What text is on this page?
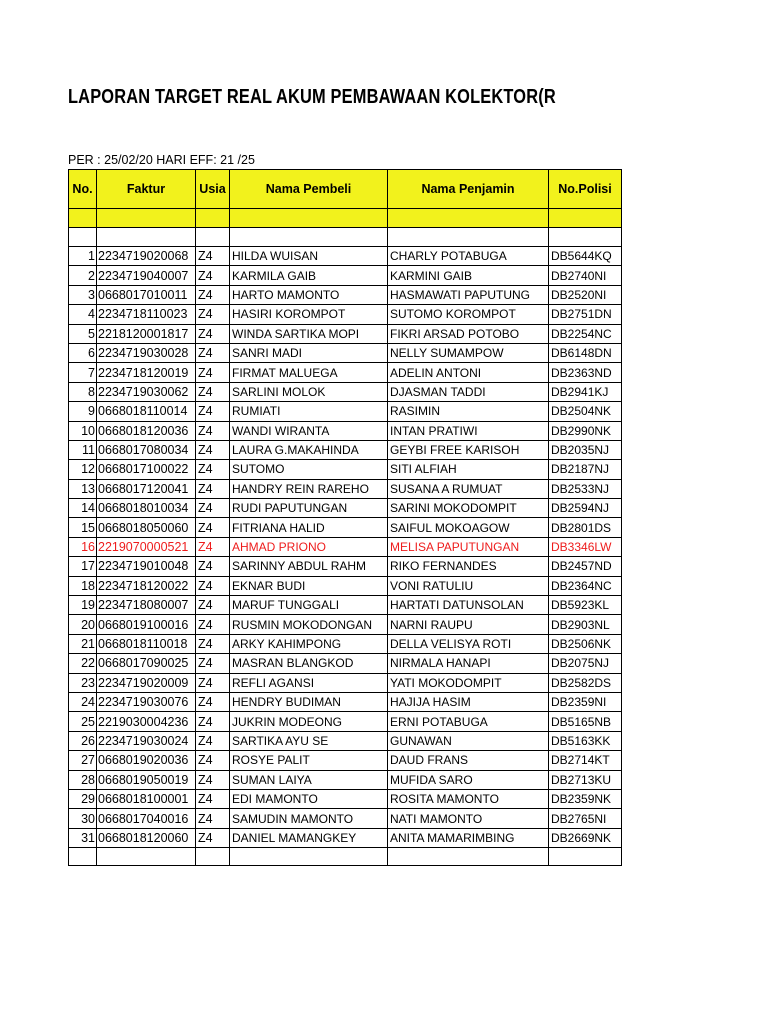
LAPORAN TARGET REAL AKUM PEMBAWAAN KOLEKTOR(R
PER : 25/02/20 HARI EFF: 21 /25
No.	Faktur	Usia	Nama Pembeli	Nama Penjamin	No.Polisi

1	2234719020068	Z4	HILDA WUISAN	CHARLY POTABUGA	DB5644KQ
2	2234719040007	Z4	KARMILA GAIB	KARMINI GAIB	DB2740NI
3	0668017010011	Z4	HARTO MAMONTO	HASMAWATI PAPUTUNG	DB2520NI
4	2234718110023	Z4	HASIRI KOROMPOT	SUTOMO KOROMPOT	DB2751DN
5	2218120001817	Z4	WINDA SARTIKA MOPI	FIKRI ARSAD POTOBO	DB2254NC
6	2234719030028	Z4	SANRI MADI	NELLY SUMAMPOW	DB6148DN
7	2234718120019	Z4	FIRMAT MALUEGA	ADELIN ANTONI	DB2363ND
8	2234719030062	Z4	SARLINI MOLOK	DJASMAN TADDI	DB2941KJ
9	0668018110014	Z4	RUMIATI	RASIMIN	DB2504NK
10	0668018120036	Z4	WANDI WIRANTA	INTAN PRATIWI	DB2990NK
11	0668017080034	Z4	LAURA G.MAKAHINDA	GEYBI FREE KARISOH	DB2035NJ
12	0668017100022	Z4	SUTOMO	SITI ALFIAH	DB2187NJ
13	0668017120041	Z4	HANDRY REIN RAREHO	SUSANA A RUMUAT	DB2533NJ
14	0668018010034	Z4	RUDI PAPUTUNGAN	SARINI MOKODOMPIT	DB2594NJ
15	0668018050060	Z4	FITRIANA HALID	SAIFUL MOKOAGOW	DB2801DS
16	2219070000521	Z4	AHMAD PRIONO	MELISA PAPUTUNGAN	DB3346LW
17	2234719010048	Z4	SARINNY ABDUL RAHM	RIKO FERNANDES	DB2457ND
18	2234718120022	Z4	EKNAR BUDI	VONI RATULIU	DB2364NC
19	2234718080007	Z4	MARUF TUNGGALI	HARTATI DATUNSOLAN	DB5923KL
20	0668019100016	Z4	RUSMIN MOKODONGAN	NARNI RAUPU	DB2903NL
21	0668018110018	Z4	ARKY KAHIMPONG	DELLA VELISYA ROTI	DB2506NK
22	0668017090025	Z4	MASRAN BLANGKOD	NIRMALA HANAPI	DB2075NJ
23	2234719020009	Z4	REFLI AGANSI	YATI MOKODOMPIT	DB2582DS
24	2234719030076	Z4	HENDRY BUDIMAN	HAJIJA HASIM	DB2359NI
25	2219030004236	Z4	JUKRIN MODEONG	ERNI POTABUGA	DB5165NB
26	2234719030024	Z4	SARTIKA AYU SE	GUNAWAN	DB5163KK
27	0668019020036	Z4	ROSYE PALIT	DAUD FRANS	DB2714KT
28	0668019050019	Z4	SUMAN LAIYA	MUFIDA SARO	DB2713KU
29	0668018100001	Z4	EDI MAMONTO	ROSITA MAMONTO	DB2359NK
30	0668017040016	Z4	SAMUDIN MAMONTO	NATI MAMONTO	DB2765NI
31	0668018120060	Z4	DANIEL MAMANGKEY	ANITA MAMARIMBING	DB2669NK
